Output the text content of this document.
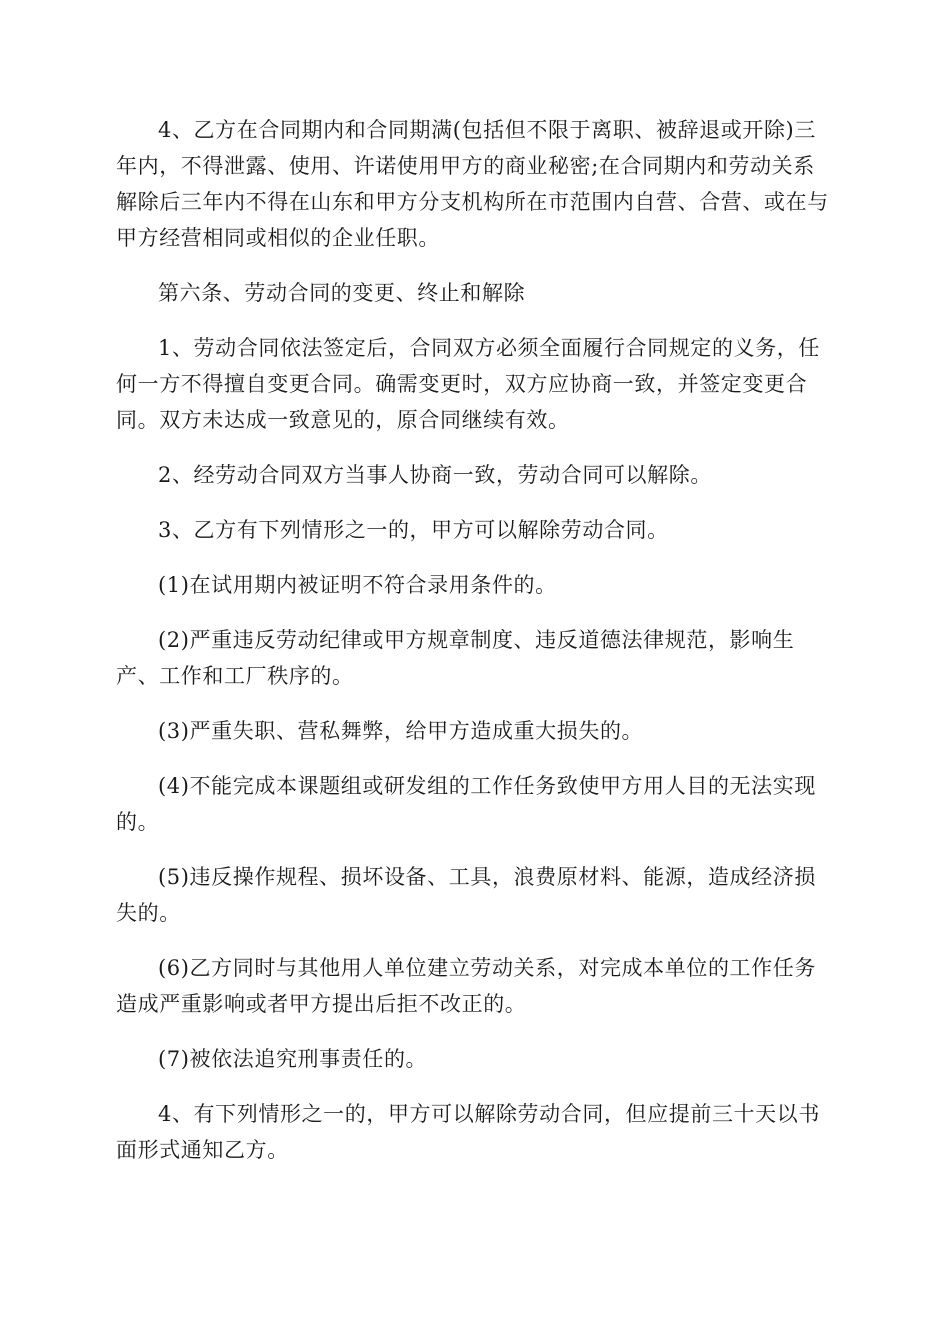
4、乙方在合同期内和合同期满(包括但不限于离职、被辞退或开除)三年内，不得泄露、使用、许诺使用甲方的商业秘密;在合同期内和劳动关系解除后三年内不得在山东和甲方分支机构所在市范围内自营、合营、或在与甲方经营相同或相似的企业任职。

第六条、劳动合同的变更、终止和解除

1、劳动合同依法签定后，合同双方必须全面履行合同规定的义务，任何一方不得擅自变更合同。确需变更时，双方应协商一致，并签定变更合同。双方未达成一致意见的，原合同继续有效。

2、经劳动合同双方当事人协商一致，劳动合同可以解除。

3、乙方有下列情形之一的，甲方可以解除劳动合同。

(1)在试用期内被证明不符合录用条件的。

(2)严重违反劳动纪律或甲方规章制度、违反道德法律规范，影响生产、工作和工厂秩序的。

(3)严重失职、营私舞弊，给甲方造成重大损失的。

(4)不能完成本课题组或研发组的工作任务致使甲方用人目的无法实现的。

(5)违反操作规程、损坏设备、工具，浪费原材料、能源，造成经济损失的。

(6)乙方同时与其他用人单位建立劳动关系，对完成本单位的工作任务造成严重影响或者甲方提出后拒不改正的。

(7)被依法追究刑事责任的。

4、有下列情形之一的，甲方可以解除劳动合同，但应提前三十天以书面形式通知乙方。
